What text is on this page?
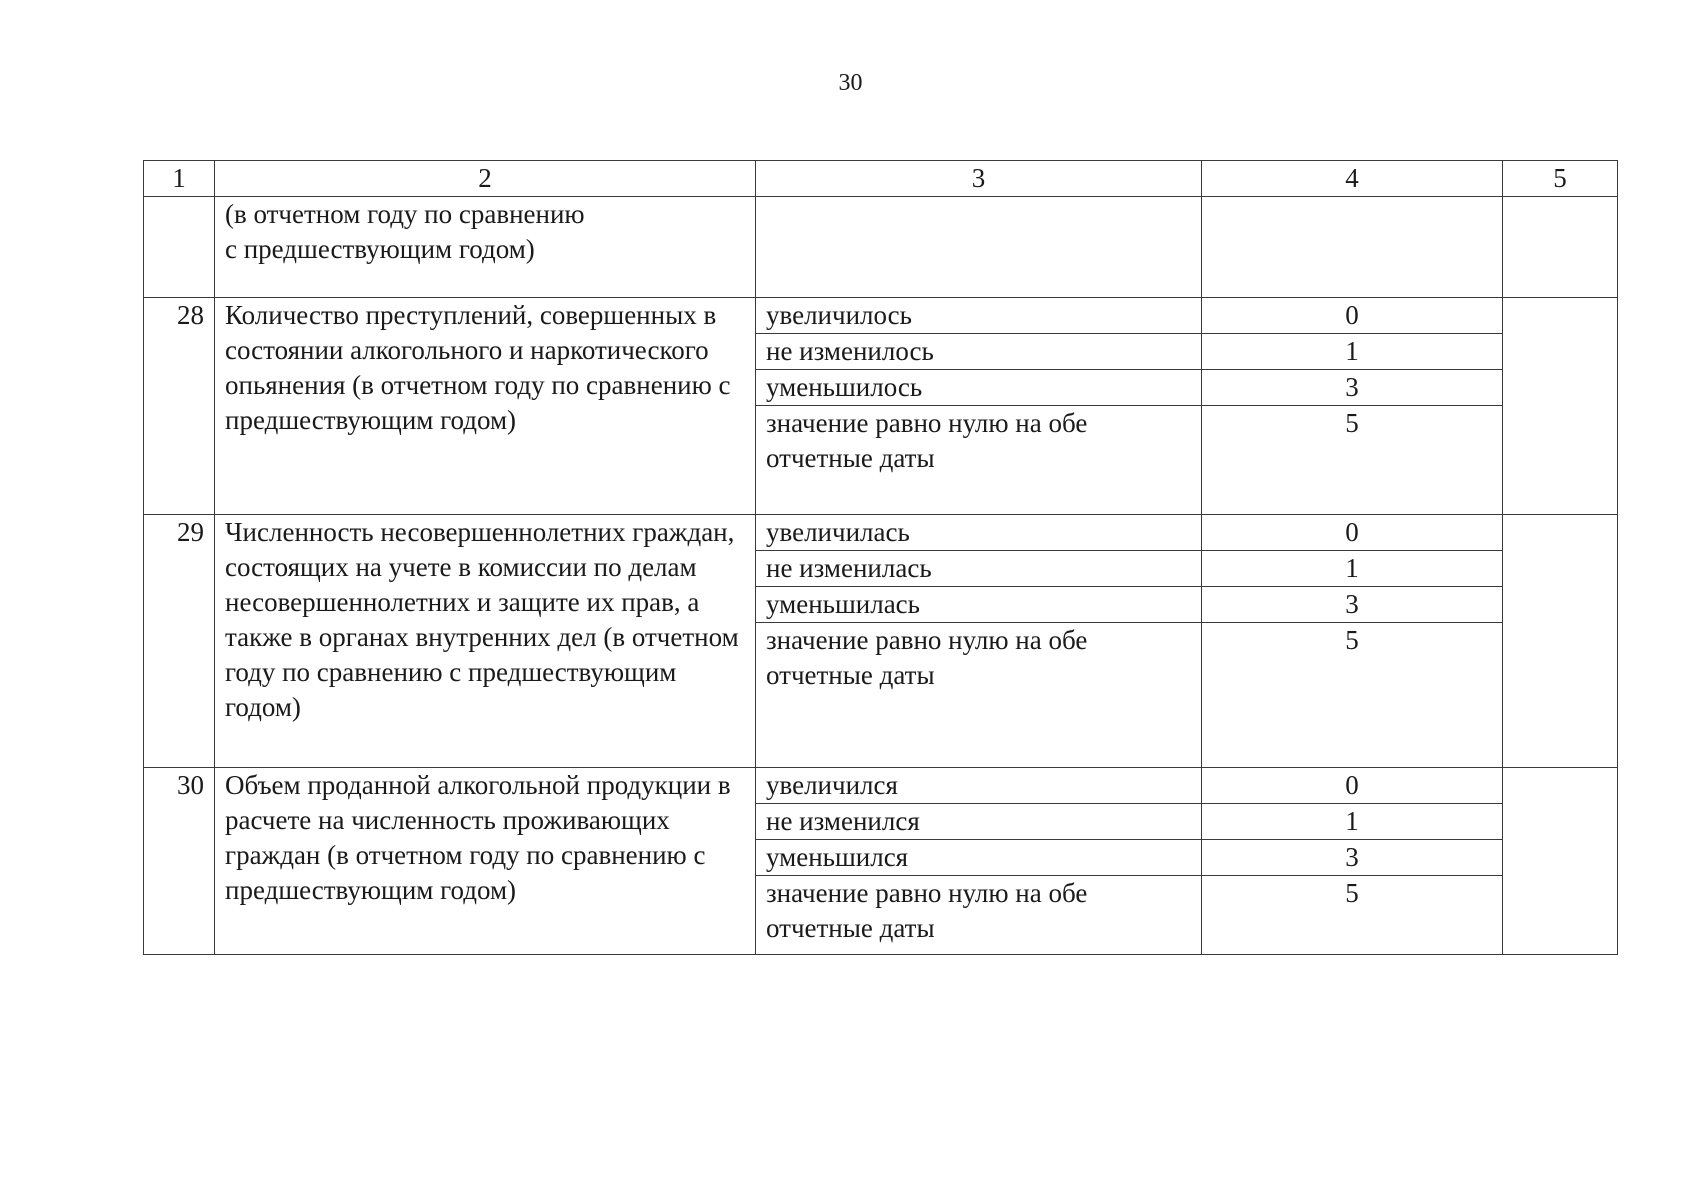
30
1	2	3	4	5
	(в отчетном году по сравнению
с предшествующим годом)			
28	Количество преступлений, совершенных в состоянии алкогольного и наркотического опьянения (в отчетном году по сравнению с предшествующим годом)	увеличилось	0	
		не изменилось	1	
		уменьшилось	3	
		значение равно нулю на обе отчетные даты	5	
29	Численность несовершеннолетних граждан, состоящих на учете в комиссии по делам несовершеннолетних и защите их прав, а также в органах внутренних дел (в отчетном году по сравнению с предшествующим годом)	увеличилась	0	
		не изменилась	1	
		уменьшилась	3	
		значение равно нулю на обе отчетные даты	5	
30	Объем проданной алкогольной продукции в расчете на численность проживающих граждан (в отчетном году по сравнению с предшествующим годом)	увеличился	0	
		не изменился	1	
		уменьшился	3	
		значение равно нулю на обе отчетные даты	5	
